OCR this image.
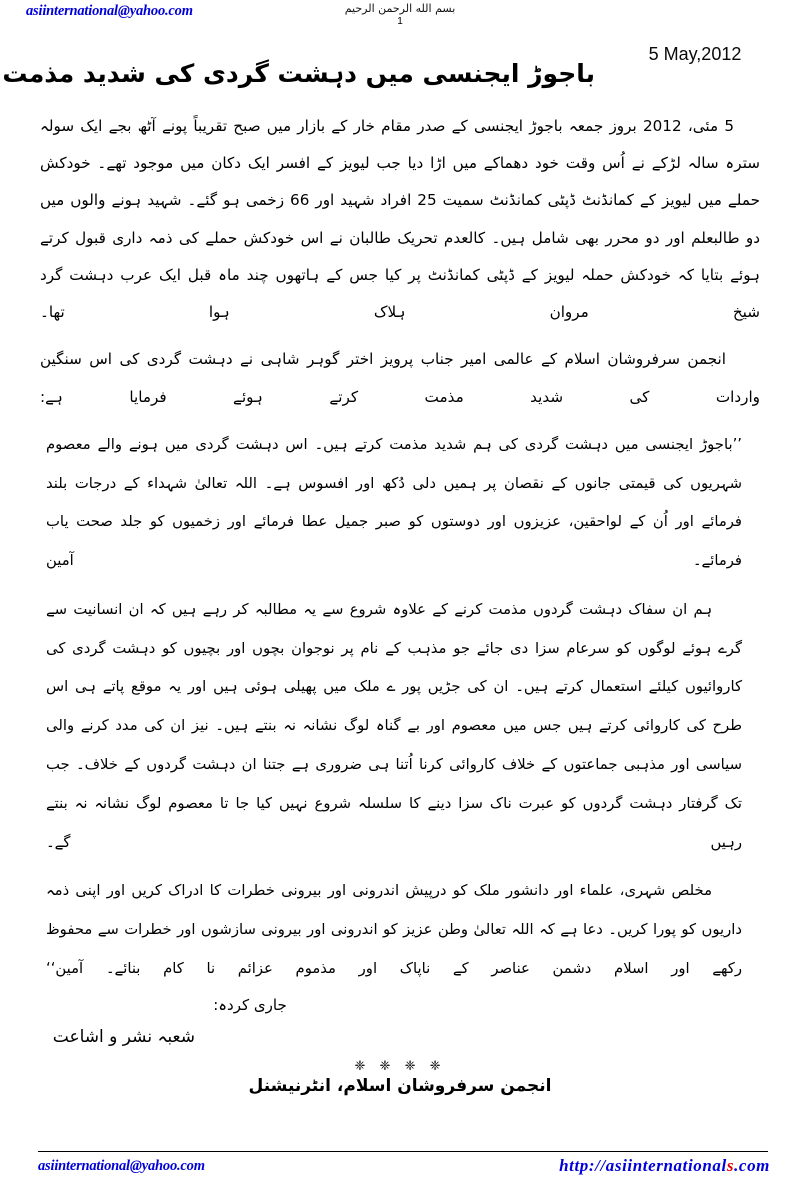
asiinternational@yahoo.com	بسم الله الرحمن الرحيم
1
5 May,2012
باجوڑ ایجنسی میں دہشت گردی کی شدید مذمت

5 مئی، 2012 بروز جمعہ باجوڑ ایجنسی کے صدر مقام خار کے بازار میں صبح تقریباً پونے آٹھ بجے ایک سولہ سترہ سالہ لڑکے نے اُس وقت خود دھماکے میں اڑا دیا جب لیویز کے افسر ایک دکان میں موجود تھے۔ خودکش حملے میں لیویز کے کمانڈنٹ ڈپٹی کمانڈنٹ سمیت 25 افراد شہید اور 66 زخمی ہو گئے۔ شہید ہونے والوں میں دو طالبعلم اور دو محرر بھی شامل ہیں۔ کالعدم تحریک طالبان نے اس خودکش حملے کی ذمہ داری قبول کرتے ہوئے بتایا کہ خودکش حملہ لیویز کے ڈپٹی کمانڈنٹ پر کیا جس کے ہاتھوں چند ماہ قبل ایک عرب دہشت گرد شیخ مروان ہلاک ہوا تھا۔

انجمن سرفروشان اسلام کے عالمی امیر جناب پرویز اختر گوہر شاہی نے دہشت گردی کی اس سنگین واردات کی شدید مذمت کرتے ہوئے فرمایا ہے:

’’باجوڑ ایجنسی میں دہشت گردی کی ہم شدید مذمت کرتے ہیں۔ اس دہشت گردی میں ہونے والے معصوم شہریوں کی قیمتی جانوں کے نقصان پر ہمیں دلی دُکھ اور افسوس ہے۔ اللہ تعالیٰ شہداء کے درجات بلند فرمائے اور اُن کے لواحقین، عزیزوں اور دوستوں کو صبر جمیل عطا فرمائے اور زخمیوں کو جلد صحت یاب فرمائے۔ آمین

ہم ان سفاک دہشت گردوں مذمت کرنے کے علاوہ شروع سے یہ مطالبہ کر رہے ہیں کہ ان انسانیت سے گرے ہوئے لوگوں کو سرعام سزا دی جائے جو مذہب کے نام پر نوجوان بچوں اور بچیوں کو دہشت گردی کی کاروائیوں کیلئے استعمال کرتے ہیں۔ ان کی جڑیں پور ے ملک میں پھیلی ہوئی ہیں اور یہ موقع پاتے ہی اس طرح کی کاروائی کرتے ہیں جس میں معصوم اور بے گناہ لوگ نشانہ نہ بنتے ہیں۔ نیز ان کی مدد کرنے والی سیاسی اور مذہبی جماعتوں کے خلاف کاروائی کرنا اُتنا ہی ضروری ہے جتنا ان دہشت گردوں کے خلاف۔ جب تک گرفتار دہشت گردوں کو عبرت ناک سزا دینے کا سلسلہ شروع نہیں کیا جا تا معصوم لوگ نشانہ نہ بنتے رہیں گے۔

مخلص شہری، علماء اور دانشور ملک کو درپیش اندرونی اور بیرونی خطرات کا ادراک کریں اور اپنی ذمہ داریوں کو پورا کریں۔ دعا ہے کہ اللہ تعالیٰ وطن عزیز کو اندرونی اور بیرونی سازشوں اور خطرات سے محفوظ رکھے اور اسلام دشمن عناصر کے ناپاک اور مذموم عزائم نا کام بنائے۔ آمین‘‘

جاری کردہ:
شعبہ نشر و اشاعت
❈ ❈ ❈ ❈
انجمن سرفروشان اسلام، انٹرنیشنل
asiinternational@yahoo.com	http://asiinternationals.com
